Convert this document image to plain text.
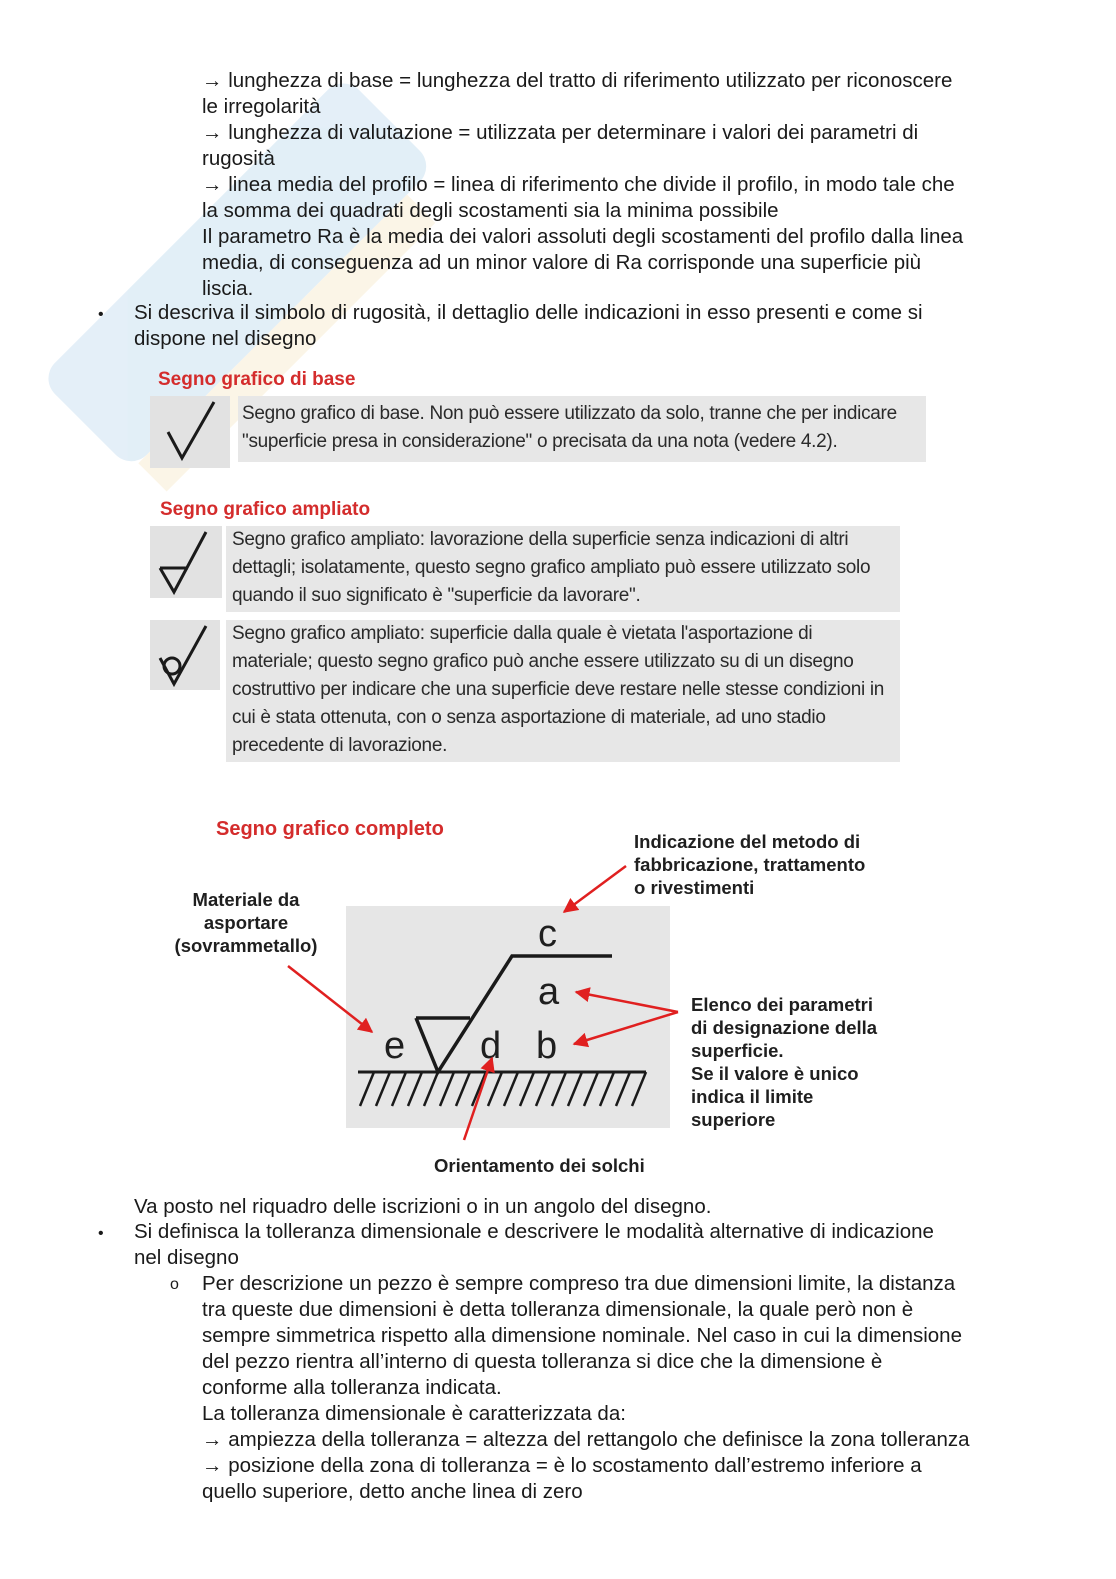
→ lunghezza di base = lunghezza del tratto di riferimento utilizzato per riconoscere
le irregolarità
→ lunghezza di valutazione = utilizzata per determinare i valori dei parametri di
rugosità
→ linea media del profilo = linea di riferimento che divide il profilo, in modo tale che
la somma dei quadrati degli scostamenti sia la minima possibile
Il parametro Ra è la media dei valori assoluti degli scostamenti del profilo dalla linea
media, di conseguenza ad un minor valore di Ra corrisponde una superficie più
liscia.
•	Si descriva il simbolo di rugosità, il dettaglio delle indicazioni in esso presenti e come si
dispone nel disegno
Segno grafico di base
Segno grafico di base. Non può essere utilizzato da solo, tranne che per indicare
"superficie presa in considerazione" o precisata da una nota (vedere 4.2).
Segno grafico ampliato
Segno grafico ampliato: lavorazione della superficie senza indicazioni di altri
dettagli; isolatamente, questo segno grafico ampliato può essere utilizzato solo
quando il suo significato è "superficie da lavorare".
Segno grafico ampliato: superficie dalla quale è vietata l'asportazione di
materiale; questo segno grafico può anche essere utilizzato su di un disegno
costruttivo per indicare che una superficie deve restare nelle stesse condizioni in
cui è stata ottenuta, con o senza asportazione di materiale, ad uno stadio
precedente di lavorazione.
Segno grafico completo
Indicazione del metodo di
fabbricazione, trattamento
o rivestimenti
Materiale da
asportare
(sovrammetallo)
Elenco dei parametri
di designazione della
superficie.
Se il valore è unico
indica il limite
superiore
Orientamento dei solchi
c
a
e d b
Va posto nel riquadro delle iscrizioni o in un angolo del disegno.
•	Si definisca la tolleranza dimensionale e descrivere le modalità alternative di indicazione
nel disegno
o Per descrizione un pezzo è sempre compreso tra due dimensioni limite, la distanza
tra queste due dimensioni è detta tolleranza dimensionale, la quale però non è
sempre simmetrica rispetto alla dimensione nominale. Nel caso in cui la dimensione
del pezzo rientra all’interno di questa tolleranza si dice che la dimensione è
conforme alla tolleranza indicata.
La tolleranza dimensionale è caratterizzata da:
→ ampiezza della tolleranza = altezza del rettangolo che definisce la zona tolleranza
→ posizione della zona di tolleranza = è lo scostamento dall’estremo inferiore a
quello superiore, detto anche linea di zero
